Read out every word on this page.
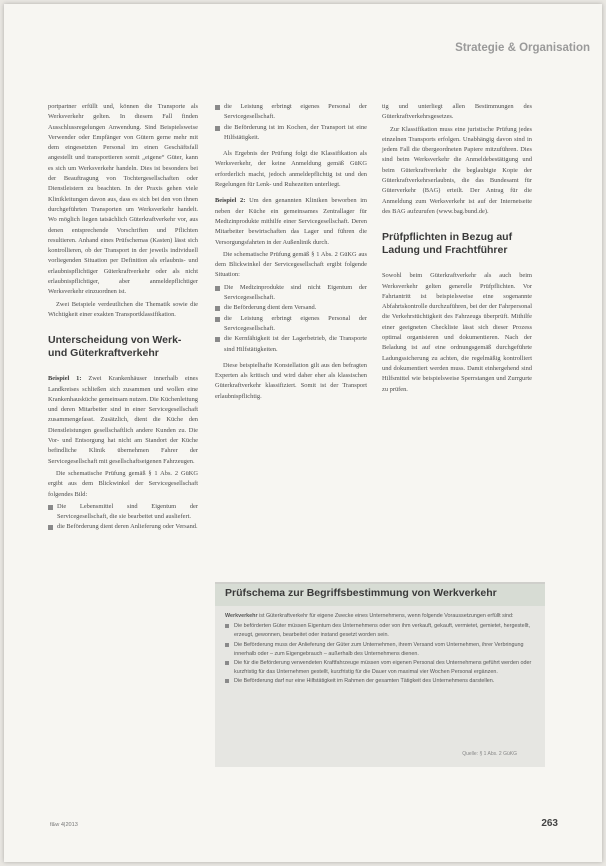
Strategie & Organisation

portpartner erfüllt und, können die Transporte als Werksverkehr gelten. In diesem Fall finden Ausschlussregelungen Anwendung. Sind Beispielsweise Verwender oder Empfänger von Gütern gerne mehr mit dem eingesetzten Personal im einen Geschäftsfall angestellt und transportieren somit „eigene“ Güter, kann es sich um Werksverkehr handeln. Dies ist besonders bei der Beauftragung von Tochtergesellschaften oder Dienstleistern zu beachten. In der Praxis gehen viele Klinikleitungen davon aus, dass es sich bei den von ihnen durchgeführten Transporten um Werksverkehr handelt. Wo möglich liegen tatsächlich Güterkraftverkehr vor, aus denen entsprechende Vorschriften und Pflichten resultieren. Anhand eines Prüfschemas (Kasten) lässt sich kontrollieren, ob der Transport in der jeweils individuell vorliegenden Situation per Definition als erlaubnis- und erlaubnispflichtiger Güterkraftverkehr oder als nicht erlaubnispflichtiger, aber anmeldepflichtiger Werksverkehr einzuordnen ist.

Zwei Beispiele verdeutlichen die Thematik sowie die Wichtigkeit einer exakten Transportklassifikation.

Unterscheidung von Werk- und Güterkraftverkehr

Beispiel 1: Zwei Krankenhäuser innerhalb eines Landkreises schließen sich zusammen und wollen eine Krankenhausküche gemeinsam nutzen. Die Küchenleitung und deren Mitarbeiter sind in einer Servicegesellschaft zusammengefasst. Zusätzlich, dient die Küche den Dienstleistungen gesellschaftlich andere Kunden zu. Die Vor- und Entsorgung hat nicht am Standort der Küche befindliche Klinik übernehmen Fahrer der Servicegesellschaft mit gesellschaftseigenen Fahrzeugen.

Die schematische Prüfung gemäß § 1 Abs. 2 GüKG ergibt aus dem Blickwinkel der Servicegesellschaft folgendes Bild:

Die Lebensmittel sind Eigentum der Servicegesellschaft, die sie bearbeitet und ausliefert.
die Beförderung dient deren Anlieferung oder Versand.
die Leistung erbringt eigenes Personal der Servicegesellschaft.
die Beförderung ist im Kochen, der Transport ist eine Hilfstätigkeit.

Als Ergebnis der Prüfung folgt die Klassifikation als Werksverkehr, der keine Anmeldung gemäß GüKG erforderlich macht, jedoch anmeldepflichtig ist und den Regelungen für Lenk- und Ruhezeiten unterliegt.

Beispiel 2: Um den genannten Kliniken beworben im neben der Küche ein gemeinsames Zentrallager für Medizinprodukte mithilfe einer Servicegesellschaft. Deren Mitarbeiter bewirtschaften das Lager und führen die Versorgungsfahrten in der Außenlinik durch.

Die schematische Prüfung gemäß § 1 Abs. 2 GüKG aus dem Blickwinkel der Servicegesellschaft ergibt folgende Situation:

Die Medizinprodukte sind nicht Eigentum der Servicegesellschaft.
die Beförderung dient dem Versand.
die Leistung erbringt eigenes Personal der Servicegesellschaft.
die Kernfähigkeit ist der Lagerbetrieb, die Transporte sind Hilfstätigkeiten.

Diese beispielhafte Konstellation gilt aus den befragten Experten als kritisch und wird daher eher als klassischen Güterkraftverkehr klassifiziert. Somit ist der Transport erlaubnispflichtig.

tig und unterliegt allen Bestimmungen des Güterkraftverkehrsgesetzes.

Zur Klassifikation muss eine juristische Prüfung jedes einzelnen Transports erfolgen. Unabhängig davon sind in jedem Fall die übergeordneten Papiere mitzuführen. Dies sind beim Werksverkehr die Anmeldebestätigung und beim Güterkraftverkehr die beglaubigte Kopie der Güterkraftverkehrserlaubnis, die das Bundesamt für Güterverkehr (BAG) erteilt. Der Antrag für die Anmeldung zum Werksverkehr ist auf der Internetseite des BAG aufzurufen (www.bag.bund.de).

Prüfpflichten in Bezug auf Ladung und Frachtführer

Sowohl beim Güterkraftverkehr als auch beim Werksverkehr gelten generelle Prüfpflichten. Vor Fahrtantritt ist beispielsweise eine sogenannte Abfahrtskontrolle durchzuführen, bei der der Fahrpersonal die Verkehrstüchtigkeit des Fahrzeugs überprüft. Mithilfe einer geeigneten Checkliste lässt sich dieser Prozess optimal organisieren und dokumentieren. Nach der Beladung ist auf eine ordnungsgemäß durchgeführte Ladungssicherung zu achten, die regelmäßig kontrolliert und dokumentiert werden muss. Damit einhergehend sind Hilfsmittel wie beispielsweise Sperrstangen und Zurrgurte zu prüfen.

Prüfschema zur Begriffsbestimmung von Werkverkehr

Werkverkehr ist Güterkraftverkehr für eigene Zwecke eines Unternehmens, wenn folgende Voraussetzungen erfüllt sind:

Die beförderten Güter müssen Eigentum des Unternehmens oder von ihm verkauft, gekauft, vermietet, gemietet, hergestellt, erzeugt, gewonnen, bearbeitet oder instand gesetzt worden sein.
Die Beförderung muss der Anlieferung der Güter zum Unternehmen, ihrem Versand vom Unternehmen, ihrer Verbringung innerhalb oder – zum Eigengebrauch – außerhalb des Unternehmens dienen.
Die für die Beförderung verwendeten Kraftfahrzeuge müssen vom eigenen Personal des Unternehmens geführt werden oder kurzfristig für das Unternehmen gestellt, kurzfristig für die Dauer von maximal vier Wochen Personal ergänzen.
Die Beförderung darf nur eine Hilfstätigkeit im Rahmen der gesamten Tätigkeit des Unternehmens darstellen.
Quelle: § 1 Abs. 2 GüKG
f&w 4|2013	263
